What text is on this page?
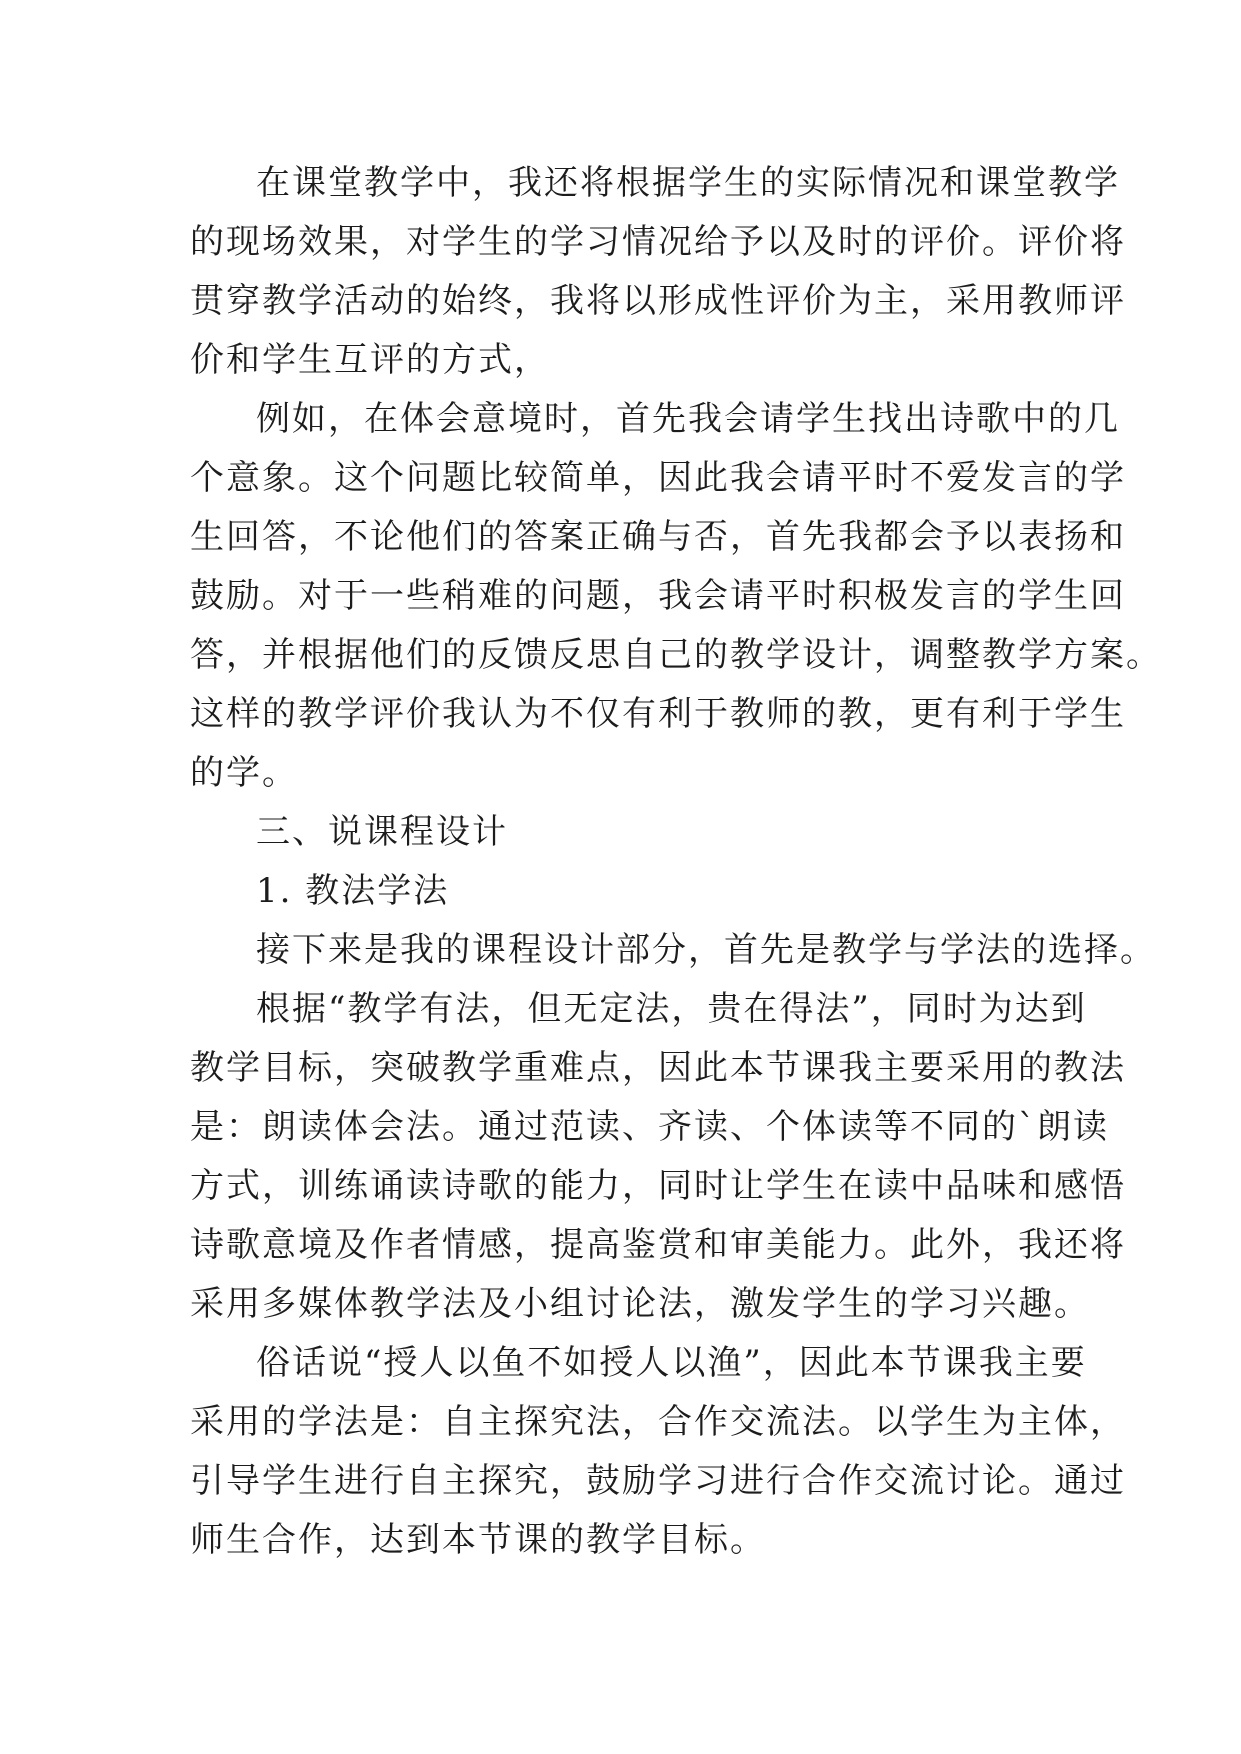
在课堂教学中，我还将根据学生的实际情况和课堂教学
的现场效果，对学生的学习情况给予以及时的评价。评价将
贯穿教学活动的始终，我将以形成性评价为主，采用教师评
价和学生互评的方式，
例如，在体会意境时，首先我会请学生找出诗歌中的几
个意象。这个问题比较简单，因此我会请平时不爱发言的学
生回答，不论他们的答案正确与否，首先我都会予以表扬和
鼓励。对于一些稍难的问题，我会请平时积极发言的学生回
答，并根据他们的反馈反思自己的教学设计，调整教学方案。
这样的教学评价我认为不仅有利于教师的教，更有利于学生
的学。
三、说课程设计
1. 教法学法
接下来是我的课程设计部分，首先是教学与学法的选择。
根据“教学有法，但无定法，贵在得法”，同时为达到
教学目标，突破教学重难点，因此本节课我主要采用的教法
是：朗读体会法。通过范读、齐读、个体读等不同的`朗读
方式，训练诵读诗歌的能力，同时让学生在读中品味和感悟
诗歌意境及作者情感，提高鉴赏和审美能力。此外，我还将
采用多媒体教学法及小组讨论法，激发学生的学习兴趣。
俗话说“授人以鱼不如授人以渔”，因此本节课我主要
采用的学法是：自主探究法，合作交流法。以学生为主体，
引导学生进行自主探究，鼓励学习进行合作交流讨论。通过
师生合作，达到本节课的教学目标。
